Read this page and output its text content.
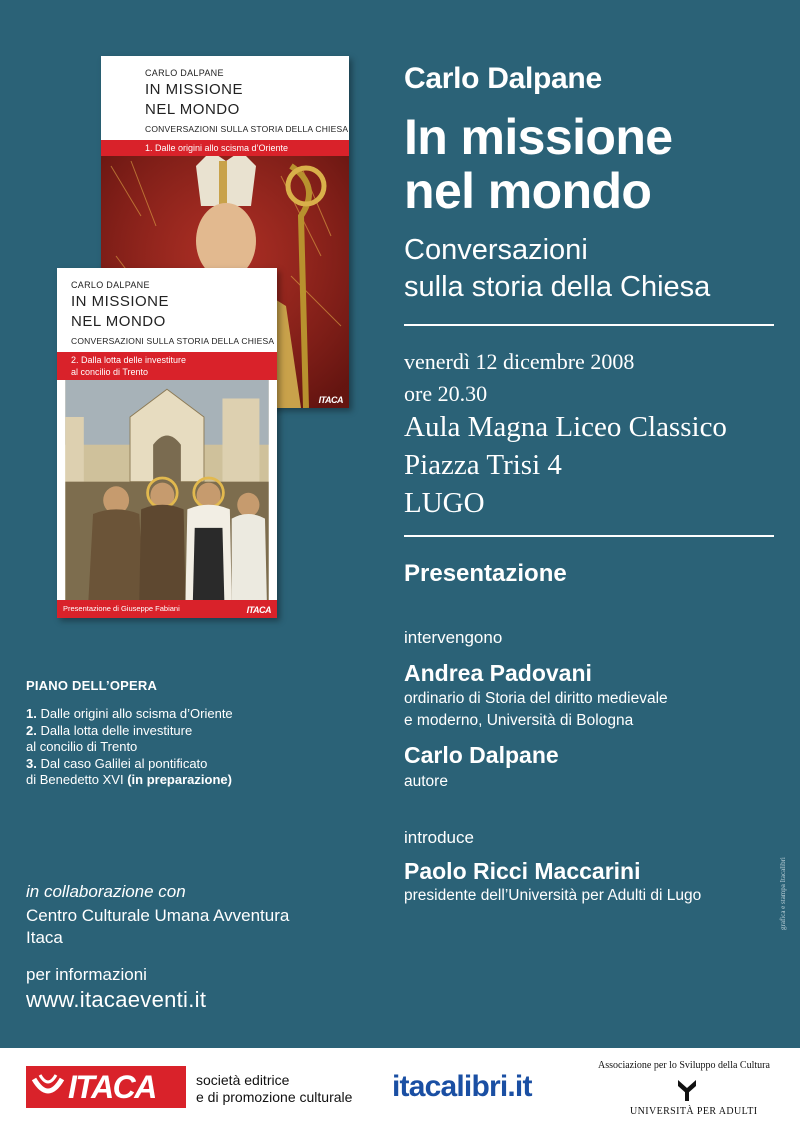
CARLO DALPANE
IN MISSIONE
NEL MONDO
CONVERSAZIONI SULLA STORIA DELLA CHIESA
1. Dalle origini allo scisma d’Oriente
ITACA
CARLO DALPANE
IN MISSIONE
NEL MONDO
CONVERSAZIONI SULLA STORIA DELLA CHIESA
2. Dalla lotta delle investiture
al concilio di Trento
Presentazione di Giuseppe Fabiani	ITACA
Carlo Dalpane
In missione
nel mondo
Conversazioni
sulla storia della Chiesa
venerdì 12 dicembre 2008
ore 20.30
Aula Magna Liceo Classico
Piazza Trisi 4
LUGO
Presentazione
intervengono
Andrea Padovani
ordinario di Storia del diritto medievale
e moderno, Università di Bologna
Carlo Dalpane
autore
introduce
Paolo Ricci Maccarini
presidente dell’Università per Adulti di Lugo
PIANO DELL’OPERA
1. Dalle origini allo scisma d’Oriente
2. Dalla lotta delle investiture
al concilio di Trento
3. Dal caso Galilei al pontificato
di Benedetto XVI (in preparazione)
in collaborazione con
Centro Culturale Umana Avventura
Itaca
per informazioni
www.itacaeventi.it
grafica e stampa Itacalibri
ITACA	società editrice
e di promozione culturale itacalibri.it
Associazione per lo Sviluppo della Cultura
UNIVERSITÀ PER ADULTI
